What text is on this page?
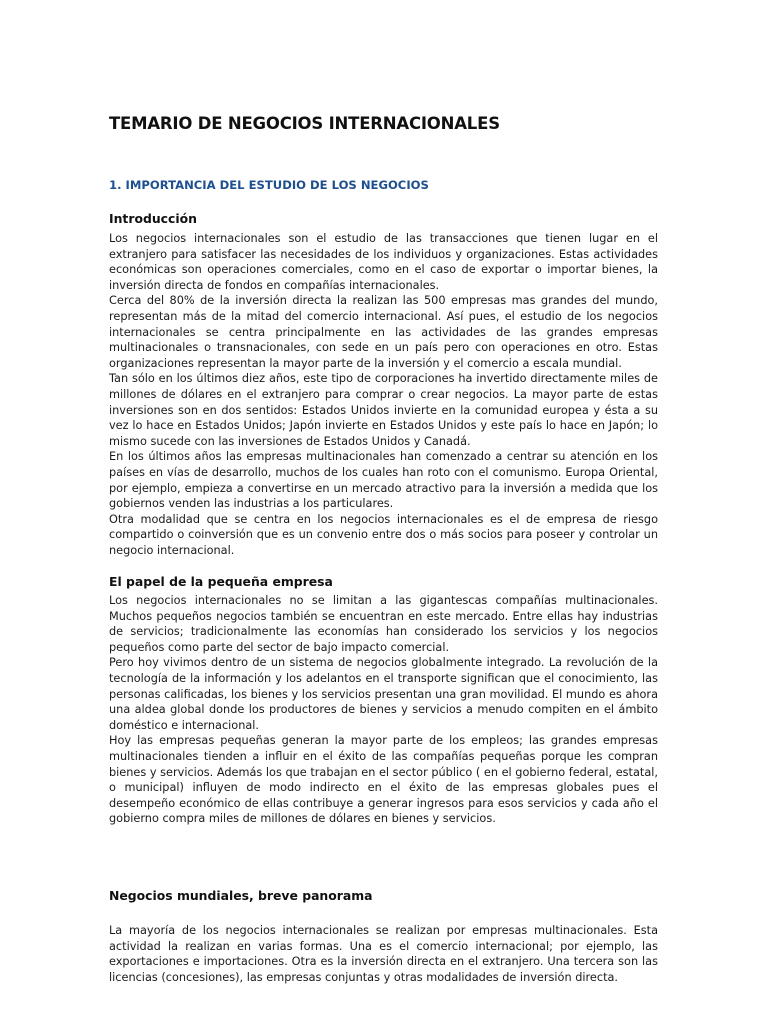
TEMARIO DE NEGOCIOS INTERNACIONALES
1. IMPORTANCIA DEL ESTUDIO DE LOS NEGOCIOS
Introducción

Los negocios internacionales son el estudio de las transacciones que tienen lugar en el extranjero para satisfacer las necesidades de los individuos y organizaciones. Estas actividades económicas son operaciones comerciales, como en el caso de exportar o importar bienes, la inversión directa de fondos en compañías internacionales.

Cerca del 80% de la inversión directa la realizan las 500 empresas mas grandes del mundo, representan más de la mitad del comercio internacional. Así pues, el estudio de los negocios internacionales se centra principalmente en las actividades de las grandes empresas multinacionales o transnacionales, con sede en un país pero con operaciones en otro. Estas organizaciones representan la mayor parte de la inversión y el comercio a escala mundial.

Tan sólo en los últimos diez años, este tipo de corporaciones ha invertido directamente miles de millones de dólares en el extranjero para comprar o crear negocios. La mayor parte de estas inversiones son en dos sentidos: Estados Unidos invierte en la comunidad europea y ésta a su vez lo hace en Estados Unidos; Japón invierte en Estados Unidos y este país lo hace en Japón; lo mismo sucede con las inversiones de Estados Unidos y Canadá.

En los últimos años las empresas multinacionales han comenzado a centrar su atención en los países en vías de desarrollo, muchos de los cuales han roto con el comunismo. Europa Oriental, por ejemplo, empieza a convertirse en un mercado atractivo para la inversión a medida que los gobiernos venden las industrias a los particulares.

Otra modalidad que se centra en los negocios internacionales es el de empresa de riesgo compartido o coinversión que es un convenio entre dos o más socios para poseer y controlar un negocio internacional.

El papel de la pequeña empresa

Los negocios internacionales no se limitan a las gigantescas compañías multinacionales. Muchos pequeños negocios también se encuentran en este mercado. Entre ellas hay industrias de servicios; tradicionalmente las economías han considerado los servicios y los negocios pequeños como parte del sector de bajo impacto comercial.

Pero hoy vivimos dentro de un sistema de negocios globalmente integrado. La revolución de la tecnología de la información y los adelantos en el transporte significan que el conocimiento, las personas calificadas, los bienes y los servicios presentan una gran movilidad. El mundo es ahora una aldea global donde los productores de bienes y servicios a menudo compiten en el ámbito doméstico e internacional.

Hoy las empresas pequeñas generan la mayor parte de los empleos; las grandes empresas multinacionales tienden a influir en el éxito de las compañías pequeñas porque les compran bienes y servicios. Además los que trabajan en el sector público ( en el gobierno federal, estatal, o municipal) influyen de modo indirecto en el éxito de las empresas globales pues el desempeño económico de ellas contribuye a generar ingresos para esos servicios y cada año el gobierno compra miles de millones de dólares en bienes y servicios.

Negocios mundiales, breve panorama

La mayoría de los negocios internacionales se realizan por empresas multinacionales. Esta actividad la realizan en varias formas. Una es el comercio internacional; por ejemplo, las exportaciones e importaciones. Otra es la inversión directa en el extranjero. Una tercera son las licencias (concesiones), las empresas conjuntas y otras modalidades de inversión directa.
